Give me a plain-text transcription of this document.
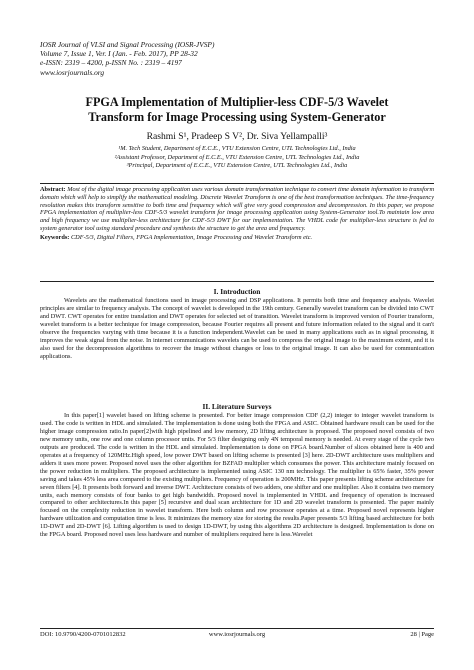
IOSR Journal of VLSI and Signal Processing (IOSR-JVSP)
Volume 7, Issue 1, Ver. I (Jan. - Feb. 2017), PP 28-32
e-ISSN: 2319 – 4200, p-ISSN No. : 2319 – 4197
www.iosrjournals.org
FPGA Implementation of Multiplier-less CDF-5/3 Wavelet
Transform for Image Processing using System-Generator
Rashmi S¹, Pradeep S V², Dr. Siva Yellampalli³
¹M. Tech Student, Department of E.C.E., VTU Extension Centre, UTL Technologies Ltd., India
²Assistant Professor, Department of E.C.E., VTU Extension Centre, UTL Technologies Ltd., India
³Principal, Department of E.C.E., VTU Extension Centre, UTL Technologies Ltd., India
Abstract: Most of the digital image processing application uses various domain transformation technique to convert time domain information to transform domain which will help to simplify the mathematical modeling. Discrete Wavelet Transform is one of the best transformation techniques. The time-frequency resolution makes this transform sensitive to both time and frequency which will give very good compression and decompression. In this paper, we propose FPGA implementation of multiplier-less CDF-5/3 wavelet transform for image processing application using System-Generator tool.To maintain low area and high frequency we use multiplier-less architecture for CDF-5/3 DWT for our implementation. The VHDL code for multiplier-less structure is fed to system generator tool using standard procedure and synthesis the structure to get the area and frequency.
Keywords: CDF-5/3, Digital Filters, FPGA Implementation, Image Processing and Wavelet Transform etc.
I. Introduction

Wavelets are the mathematical functions used in image processing and DSP applications. It permits both time and frequency analysis. Wavelet principles are similar to frequency analysis. The concept of wavelet is developed in the 19th century. Generally wavelet transform can be divided into CWT and DWT. CWT operates for entire translation and DWT operates for selected set of transition. Wavelet transform is improved version of Fourier transform, wavelet transform is a better technique for image compression, because Fourier requires all present and future information related to the signal and it can't observe the frequencies varying with time because it is a function independent.Wavelet can be used in many applications such as in signal processing, it improves the weak signal from the noise. In internet communications wavelets can be used to compress the original image to the maximum extent, and it is also used for the decompression algorithms to recover the image without changes or loss to the original image. It can also be used for communication applications.

II. Literature Surveys

In this paper[1] wavelet based on lifting scheme is presented. For better image compression CDF (2,2) integer to integer wavelet transform is used. The code is written in HDL and simulated. The implementation is done using both the FPGA and ASIC. Obtained hardware result can be used for the higher image compression ratio.In paper[2]with high pipelined and low memory, 2D lifting architecture is proposed. The proposed novel consists of two new memory units, one row and one column processor units. For 5/3 filter designing only 4N temporal memory is needed. At every stage of the cycle two outputs are produced. The code is written in the HDL and simulated. Implementation is done on FPGA board.Number of slices obtained here is 400 and operates at a frequency of 120MHz.High speed, low power DWT based on lifting scheme is presented [3] here. 2D-DWT architecture uses multipliers and adders it uses more power. Proposed novel uses the other algorithm for BZFAD multiplier which consumes the power. This architecture mainly focused on the power reduction in multipliers. The proposed architecture is implemented using ASIC 130 nm technology. The multiplier is 65% faster, 35% power saving and takes 45% less area compared to the existing multipliers. Frequency of operation is 200MHz. This paper presents lifting scheme architecture for seven filters [4]. It presents both forward and inverse DWT. Architecture consists of two adders, one shifter and one multiplier. Also it contains two memory units, each memory consists of four banks to get high bandwidth. Proposed novel is implemented in VHDL and frequency of operation is increased compared to other architectures.In this paper [5] recursive and dual scan architecture for 1D and 2D wavelet transform is presented. The paper mainly focused on the complexity reduction in wavelet transform. Here both column and row processor operates at a time. Proposed novel represents higher hardware utilization and computation time is less. It minimizes the memory size for storing the results.Paper presents 5/3 lifting based architecture for both 1D-DWT and 2D-DWT [6]. Lifting algorithm is used to design 1D-DWT, by using this algorithms 2D architecture is designed. Implementation is done on the FPGA board. Proposed novel uses less hardware and number of multipliers required here is less.Wavelet

DOI: 10.9790/4200-0701012832	www.iosrjournals.org	28 | Page
